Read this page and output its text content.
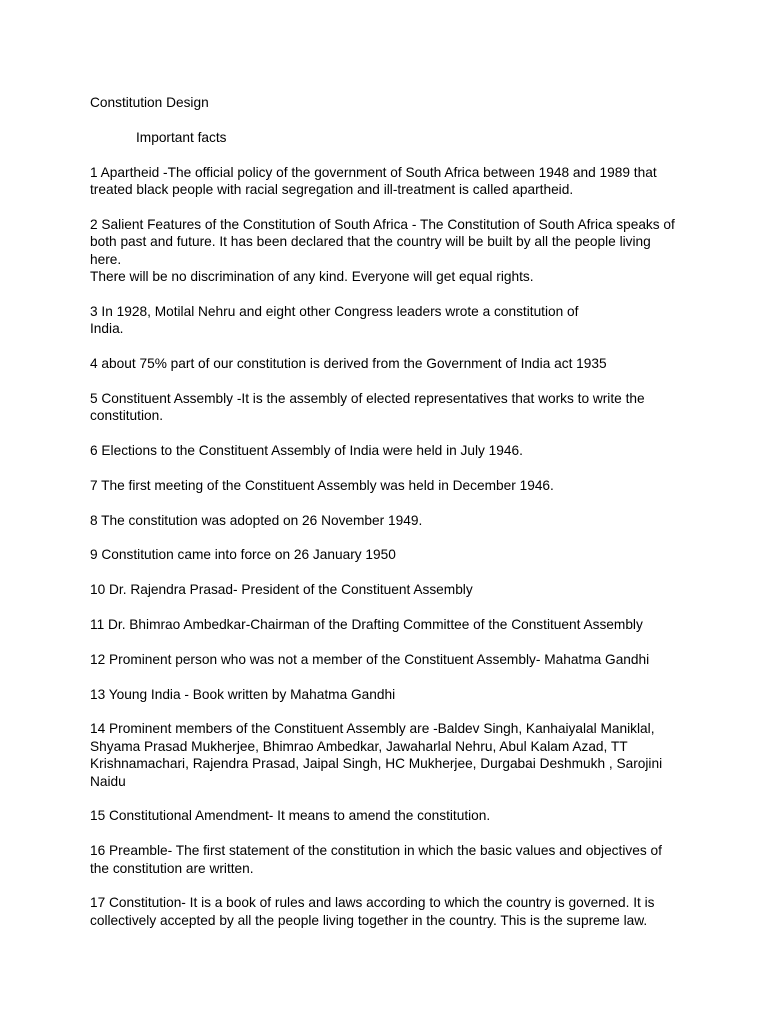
Constitution Design
Important facts
1 Apartheid -The official policy of the government of South Africa between 1948 and 1989 that treated black people with racial segregation and ill-treatment is called apartheid.
2 Salient Features of the Constitution of South Africa - The Constitution of South Africa speaks of both past and future. It has been declared that the country will be built by all the people living here.
There will be no discrimination of any kind. Everyone will get equal rights.
3 In 1928, Motilal Nehru and eight other Congress leaders wrote a constitution of
India.
4 about 75% part of our constitution is derived from the Government of India act 1935
5 Constituent Assembly -It is the assembly of elected representatives that works to write the constitution.
6 Elections to the Constituent Assembly of India were held in July 1946.
7 The first meeting of the Constituent Assembly was held in December 1946.
8 The constitution was adopted on 26 November 1949.
9 Constitution came into force on 26 January 1950
10 Dr. Rajendra Prasad- President of the Constituent Assembly
11 Dr. Bhimrao Ambedkar-Chairman of the Drafting Committee of the Constituent Assembly
12 Prominent person who was not a member of the Constituent Assembly- Mahatma Gandhi
13 Young India - Book written by Mahatma Gandhi
14 Prominent members of the Constituent Assembly are -Baldev Singh, Kanhaiyalal Maniklal, Shyama Prasad Mukherjee, Bhimrao Ambedkar, Jawaharlal Nehru, Abul Kalam Azad, TT Krishnamachari, Rajendra Prasad, Jaipal Singh, HC Mukherjee, Durgabai Deshmukh , Sarojini Naidu
15 Constitutional Amendment- It means to amend the constitution.
16 Preamble- The first statement of the constitution in which the basic values and objectives of the constitution are written.
17 Constitution- It is a book of rules and laws according to which the country is governed. It is collectively accepted by all the people living together in the country. This is the supreme law.
